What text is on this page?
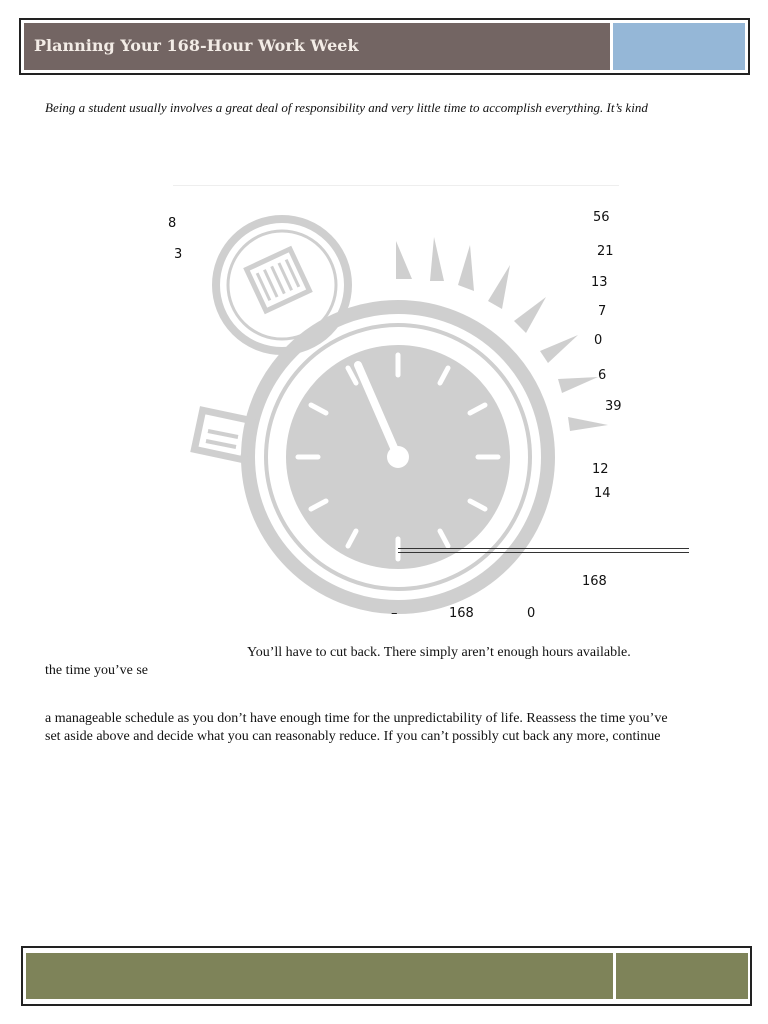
Planning Your 168-Hour Work Week
Being a student usually involves a great deal of responsibility and very little time to accomplish everything. It’s kind
8
3
56
21
13
7
0
6
39
12
14
168
–	168	0
You’ll have to cut back. There simply aren’t enough hours available.
the time you’ve se
a manageable schedule as you don’t have enough time for the unpredictability of life. Reassess the time you’ve
set aside above and decide what you can reasonably reduce. If you can’t possibly cut back any more, continue
